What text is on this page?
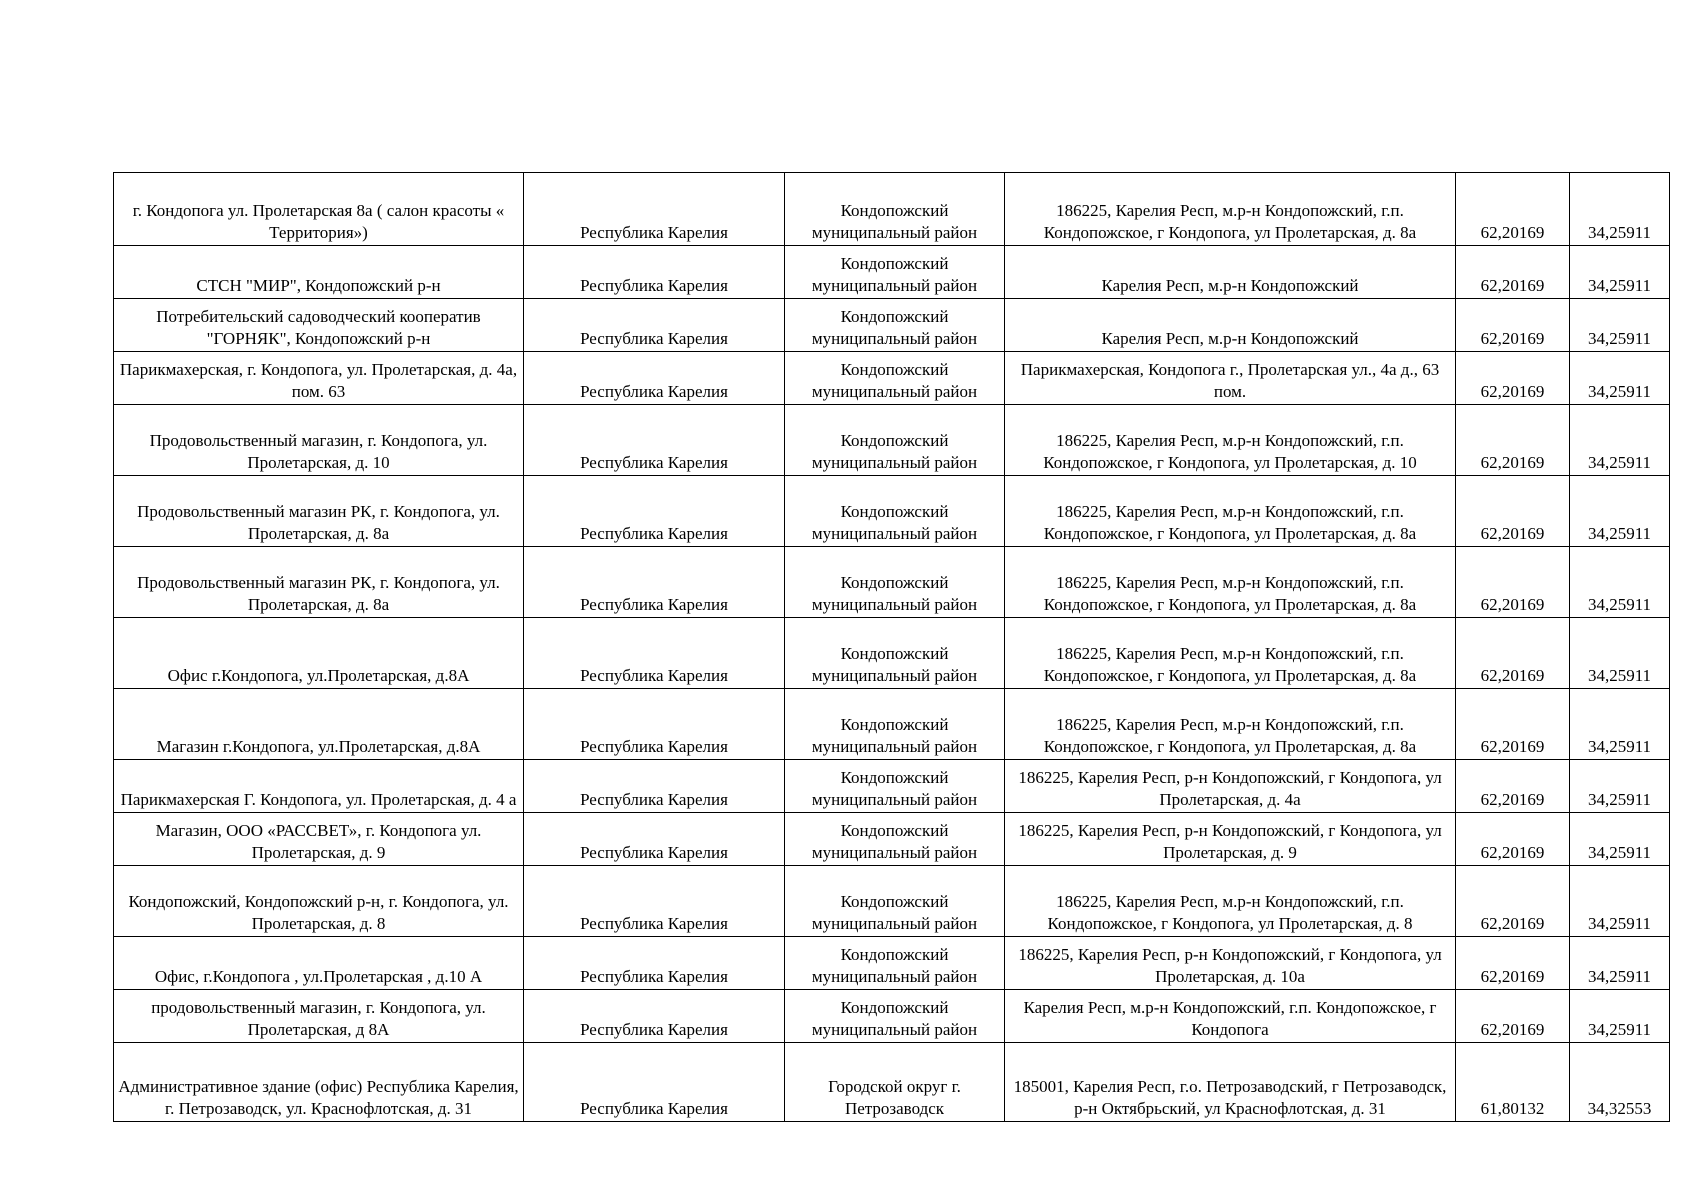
г. Кондопога ул. Пролетарская 8а ( салон красоты « Территория»)	Республика Карелия	Кондопожский муниципальный район	186225, Карелия Респ, м.р-н Кондопожский, г.п. Кондопожское, г Кондопога, ул Пролетарская, д. 8а	62,20169	34,25911
СТСН "МИР", Кондопожский р-н	Республика Карелия	Кондопожский муниципальный район	Карелия Респ, м.р-н Кондопожский	62,20169	34,25911
Потребительский садоводческий кооператив "ГОРНЯК", Кондопожский р-н	Республика Карелия	Кондопожский муниципальный район	Карелия Респ, м.р-н Кондопожский	62,20169	34,25911
Парикмахерская, г. Кондопога, ул. Пролетарская, д. 4а, пом. 63	Республика Карелия	Кондопожский муниципальный район	Парикмахерская, Кондопога г., Пролетарская ул., 4а д., 63 пом.	62,20169	34,25911
Продовольственный магазин, г. Кондопога, ул. Пролетарская, д. 10	Республика Карелия	Кондопожский муниципальный район	186225, Карелия Респ, м.р-н Кондопожский, г.п. Кондопожское, г Кондопога, ул Пролетарская, д. 10	62,20169	34,25911
Продовольственный магазин РК, г. Кондопога, ул. Пролетарская, д. 8а	Республика Карелия	Кондопожский муниципальный район	186225, Карелия Респ, м.р-н Кондопожский, г.п. Кондопожское, г Кондопога, ул Пролетарская, д. 8а	62,20169	34,25911
Продовольственный магазин РК, г. Кондопога, ул. Пролетарская, д. 8а	Республика Карелия	Кондопожский муниципальный район	186225, Карелия Респ, м.р-н Кондопожский, г.п. Кондопожское, г Кондопога, ул Пролетарская, д. 8а	62,20169	34,25911
Офис г.Кондопога, ул.Пролетарская, д.8А	Республика Карелия	Кондопожский муниципальный район	186225, Карелия Респ, м.р-н Кондопожский, г.п. Кондопожское, г Кондопога, ул Пролетарская, д. 8а	62,20169	34,25911
Магазин г.Кондопога, ул.Пролетарская, д.8А	Республика Карелия	Кондопожский муниципальный район	186225, Карелия Респ, м.р-н Кондопожский, г.п. Кондопожское, г Кондопога, ул Пролетарская, д. 8а	62,20169	34,25911
Парикмахерская Г. Кондопога, ул. Пролетарская, д. 4 а	Республика Карелия	Кондопожский муниципальный район	186225, Карелия Респ, р-н Кондопожский, г Кондопога, ул Пролетарская, д. 4а	62,20169	34,25911
Магазин, ООО «РАССВЕТ», г. Кондопога ул. Пролетарская, д. 9	Республика Карелия	Кондопожский муниципальный район	186225, Карелия Респ, р-н Кондопожский, г Кондопога, ул Пролетарская, д. 9	62,20169	34,25911
Кондопожский, Кондопожский р-н, г. Кондопога, ул. Пролетарская, д. 8	Республика Карелия	Кондопожский муниципальный район	186225, Карелия Респ, м.р-н Кондопожский, г.п. Кондопожское, г Кондопога, ул Пролетарская, д. 8	62,20169	34,25911
Офис, г.Кондопога , ул.Пролетарская , д.10 А	Республика Карелия	Кондопожский муниципальный район	186225, Карелия Респ, р-н Кондопожский, г Кондопога, ул Пролетарская, д. 10а	62,20169	34,25911
продовольственный магазин, г. Кондопога, ул. Пролетарская, д 8А	Республика Карелия	Кондопожский муниципальный район	Карелия Респ, м.р-н Кондопожский, г.п. Кондопожское, г Кондопога	62,20169	34,25911
Административное здание (офис) Республика Карелия, г. Петрозаводск, ул. Краснофлотская, д. 31	Республика Карелия	Городской округ г. Петрозаводск	185001, Карелия Респ, г.о. Петрозаводский, г Петрозаводск, р-н Октябрьский, ул Краснофлотская, д. 31	61,80132	34,32553
